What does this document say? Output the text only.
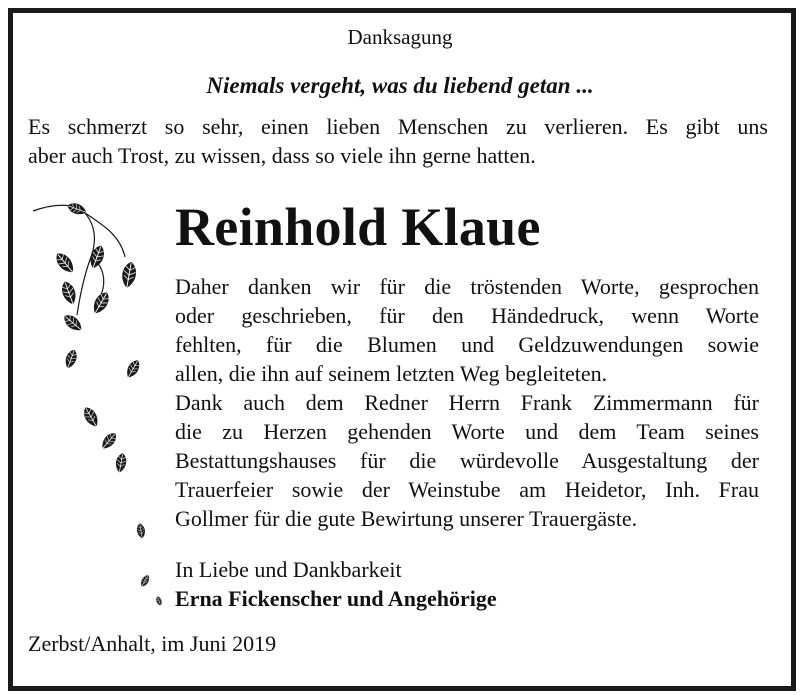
Danksagung
Niemals vergeht, was du liebend getan ...
Es schmerzt so sehr, einen lieben Menschen zu verlieren. Es gibt uns
aber auch Trost, zu wissen, dass so viele ihn gerne hatten.
Reinhold Klaue
Daher danken wir für die tröstenden Worte, gesprochen
oder geschrieben, für den Händedruck, wenn Worte
fehlten, für die Blumen und Geldzuwendungen sowie
allen, die ihn auf seinem letzten Weg begleiteten.
Dank auch dem Redner Herrn Frank Zimmermann für
die zu Herzen gehenden Worte und dem Team seines
Bestattungshauses für die würdevolle Ausgestaltung der
Trauerfeier sowie der Weinstube am Heidetor, Inh. Frau
Gollmer für die gute Bewirtung unserer Trauergäste.
In Liebe und Dankbarkeit
Erna Fickenscher und Angehörige
Zerbst/Anhalt, im Juni 2019
